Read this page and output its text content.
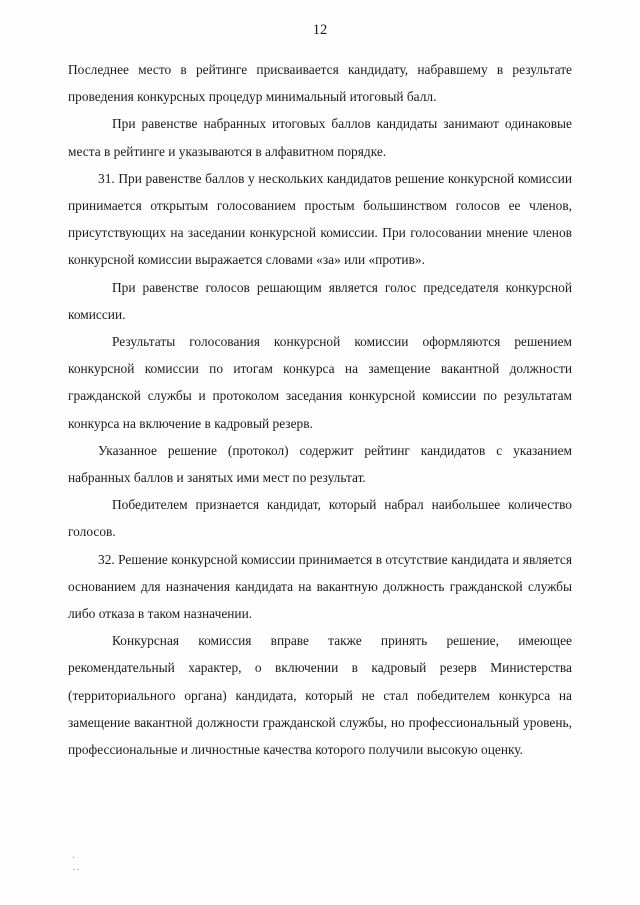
12

Последнее место в рейтинге присваивается кандидату, набравшему в результате проведения конкурсных процедур минимальный итоговый балл.

При равенстве набранных итоговых баллов кандидаты занимают одинаковые места в рейтинге и указываются в алфавитном порядке.

31. При равенстве баллов у нескольких кандидатов решение конкурсной комиссии принимается открытым голосованием простым большинством голосов ее членов, присутствующих на заседании конкурсной комиссии. При голосовании мнение членов конкурсной комиссии выражается словами «за» или «против».

При равенстве голосов решающим является голос председателя конкурсной комиссии.

Результаты голосования конкурсной комиссии оформляются решением конкурсной комиссии по итогам конкурса на замещение вакантной должности гражданской службы и протоколом заседания конкурсной комиссии по результатам конкурса на включение в кадровый резерв.

Указанное решение (протокол) содержит рейтинг кандидатов с указанием набранных баллов и занятых ими мест по результат.

Победителем признается кандидат, который набрал наибольшее количество голосов.

32. Решение конкурсной комиссии принимается в отсутствие кандидата и является основанием для назначения кандидата на вакантную должность гражданской службы либо отказа в таком назначении.

Конкурсная комиссия вправе также принять решение, имеющее рекомендательный характер, о включении в кадровый резерв Министерства (территориального органа) кандидата, который не стал победителем конкурса на замещение вакантной должности гражданской службы, но профессиональный уровень, профессиональные и личностные качества которого получили высокую оценку.

·
··
